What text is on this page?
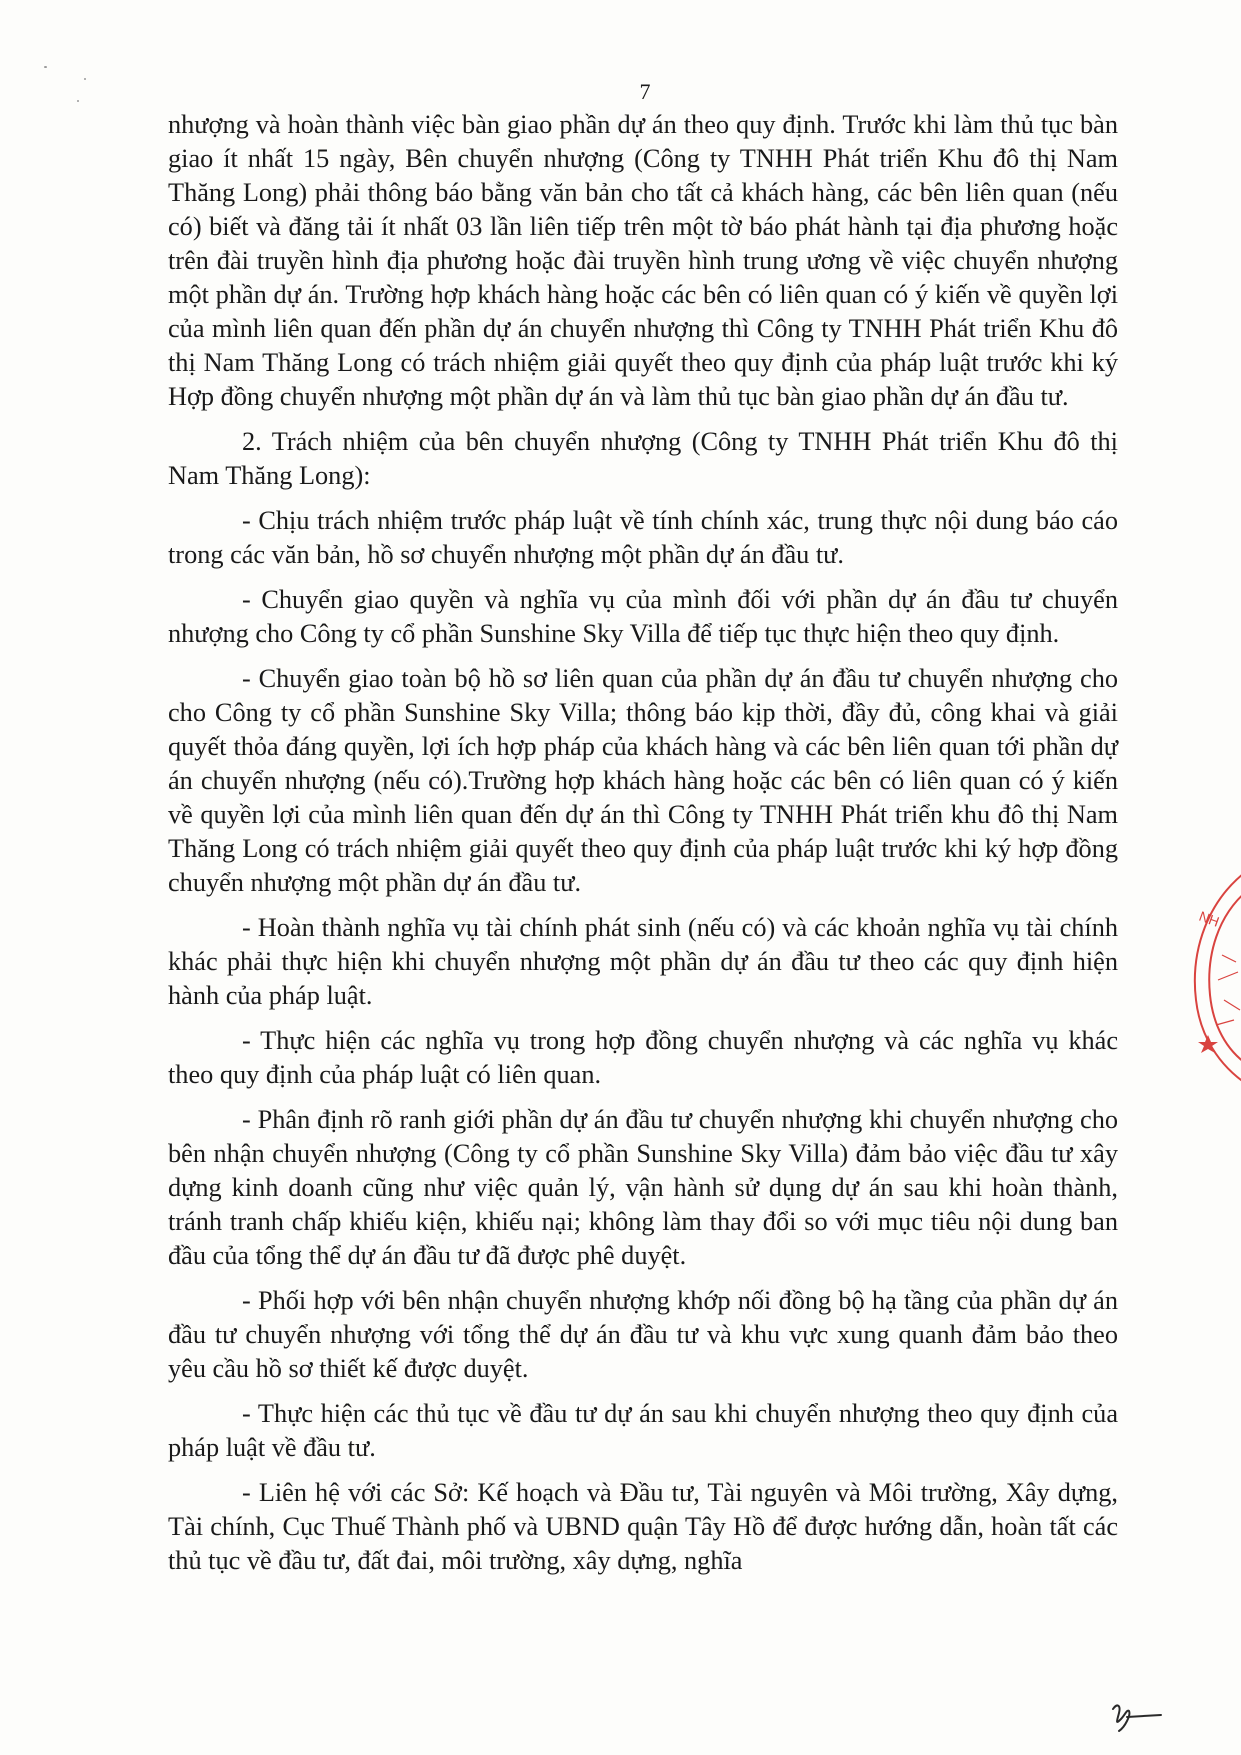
7

nhượng và hoàn thành việc bàn giao phần dự án theo quy định. Trước khi làm thủ tục bàn giao ít nhất 15 ngày, Bên chuyển nhượng (Công ty TNHH Phát triển Khu đô thị Nam Thăng Long) phải thông báo bằng văn bản cho tất cả khách hàng, các bên liên quan (nếu có) biết và đăng tải ít nhất 03 lần liên tiếp trên một tờ báo phát hành tại địa phương hoặc trên đài truyền hình địa phương hoặc đài truyền hình trung ương về việc chuyển nhượng một phần dự án. Trường hợp khách hàng hoặc các bên có liên quan có ý kiến về quyền lợi của mình liên quan đến phần dự án chuyển nhượng thì Công ty TNHH Phát triển Khu đô thị Nam Thăng Long có trách nhiệm giải quyết theo quy định của pháp luật trước khi ký Hợp đồng chuyển nhượng một phần dự án và làm thủ tục bàn giao phần dự án đầu tư.

2. Trách nhiệm của bên chuyển nhượng (Công ty TNHH Phát triển Khu đô thị Nam Thăng Long):

- Chịu trách nhiệm trước pháp luật về tính chính xác, trung thực nội dung báo cáo trong các văn bản, hồ sơ chuyển nhượng một phần dự án đầu tư.

- Chuyển giao quyền và nghĩa vụ của mình đối với phần dự án đầu tư chuyển nhượng cho Công ty cổ phần Sunshine Sky Villa để tiếp tục thực hiện theo quy định.

- Chuyển giao toàn bộ hồ sơ liên quan của phần dự án đầu tư chuyển nhượng cho cho Công ty cổ phần Sunshine Sky Villa; thông báo kịp thời, đầy đủ, công khai và giải quyết thỏa đáng quyền, lợi ích hợp pháp của khách hàng và các bên liên quan tới phần dự án chuyển nhượng (nếu có).Trường hợp khách hàng hoặc các bên có liên quan có ý kiến về quyền lợi của mình liên quan đến dự án thì Công ty TNHH Phát triển khu đô thị Nam Thăng Long có trách nhiệm giải quyết theo quy định của pháp luật trước khi ký hợp đồng chuyển nhượng một phần dự án đầu tư.

- Hoàn thành nghĩa vụ tài chính phát sinh (nếu có) và các khoản nghĩa vụ tài chính khác phải thực hiện khi chuyển nhượng một phần dự án đầu tư theo các quy định hiện hành của pháp luật.

- Thực hiện các nghĩa vụ trong hợp đồng chuyển nhượng và các nghĩa vụ khác theo quy định của pháp luật có liên quan.

- Phân định rõ ranh giới phần dự án đầu tư chuyển nhượng khi chuyển nhượng cho bên nhận chuyển nhượng (Công ty cổ phần Sunshine Sky Villa) đảm bảo việc đầu tư xây dựng kinh doanh cũng như việc quản lý, vận hành sử dụng dự án sau khi hoàn thành, tránh tranh chấp khiếu kiện, khiếu nại; không làm thay đổi so với mục tiêu nội dung ban đầu của tổng thể dự án đầu tư đã được phê duyệt.

- Phối hợp với bên nhận chuyển nhượng khớp nối đồng bộ hạ tầng của phần dự án đầu tư chuyển nhượng với tổng thể dự án đầu tư và khu vực xung quanh đảm bảo theo yêu cầu hồ sơ thiết kế được duyệt.

- Thực hiện các thủ tục về đầu tư dự án sau khi chuyển nhượng theo quy định của pháp luật về đầu tư.

- Liên hệ với các Sở: Kế hoạch và Đầu tư, Tài nguyên và Môi trường, Xây dựng, Tài chính, Cục Thuế Thành phố và UBND quận Tây Hồ để được hướng dẫn, hoàn tất các thủ tục về đầu tư, đất đai, môi trường, xây dựng, nghĩa

NH
